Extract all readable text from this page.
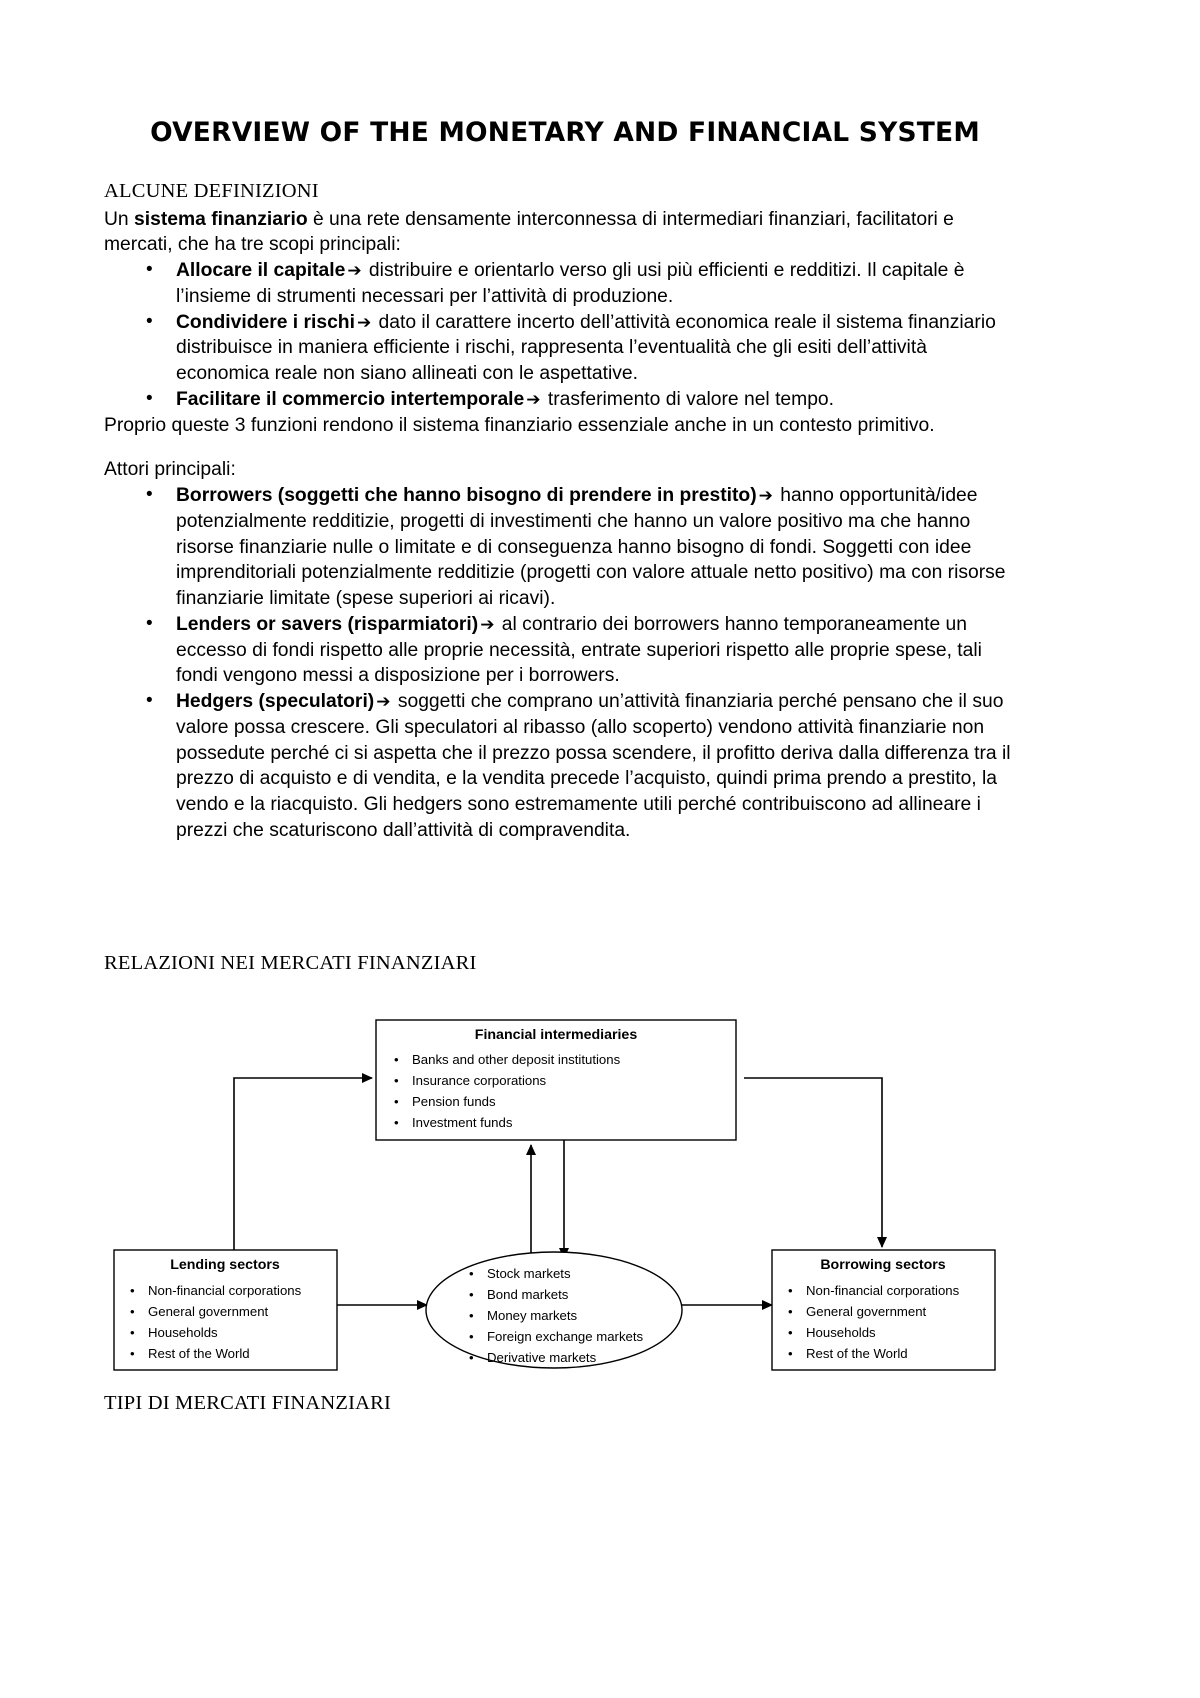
OVERVIEW OF THE MONETARY AND FINANCIAL SYSTEM
ALCUNE DEFINIZIONI

Un sistema finanziario è una rete densamente interconnessa di intermediari finanziari, facilitatori e mercati, che ha tre scopi principali:

• Allocare il capitale ➔ distribuire e orientarlo verso gli usi più efficienti e redditizi. Il capitale è l’insieme di strumenti necessari per l’attività di produzione.
• Condividere i rischi ➔ dato il carattere incerto dell’attività economica reale il sistema finanziario distribuisce in maniera efficiente i rischi, rappresenta l’eventualità che gli esiti dell’attività economica reale non siano allineati con le aspettative.
• Facilitare il commercio intertemporale ➔ trasferimento di valore nel tempo.

Proprio queste 3 funzioni rendono il sistema finanziario essenziale anche in un contesto primitivo.

Attori principali:

• Borrowers (soggetti che hanno bisogno di prendere in prestito) ➔ hanno opportunità/idee potenzialmente redditizie, progetti di investimenti che hanno un valore positivo ma che hanno risorse finanziarie nulle o limitate e di conseguenza hanno bisogno di fondi. Soggetti con idee imprenditoriali potenzialmente redditizie (progetti con valore attuale netto positivo) ma con risorse finanziarie limitate (spese superiori ai ricavi).
• Lenders or savers (risparmiatori) ➔ al contrario dei borrowers hanno temporaneamente un eccesso di fondi rispetto alle proprie necessità, entrate superiori rispetto alle proprie spese, tali fondi vengono messi a disposizione per i borrowers.
• Hedgers (speculatori) ➔ soggetti che comprano un’attività finanziaria perché pensano che il suo valore possa crescere. Gli speculatori al ribasso (allo scoperto) vendono attività finanziarie non possedute perché ci si aspetta che il prezzo possa scendere, il profitto deriva dalla differenza tra il prezzo di acquisto e di vendita, e la vendita precede l’acquisto, quindi prima prendo a prestito, la vendo e la riacquisto. Gli hedgers sono estremamente utili perché contribuiscono ad allineare i prezzi che scaturiscono dall’attività di compravendita.
RELAZIONI NEI MERCATI FINANZIARI
Financial intermediaries
• Banks and other deposit institutions
• Insurance corporations
• Pension funds
• Investment funds
Lending sectors
• Non-financial corporations
• General government
• Households
• Rest of the World
• Stock markets
• Bond markets
• Money markets
• Foreign exchange markets
• Derivative markets
Borrowing sectors
• Non-financial corporations
• General government
• Households
• Rest of the World
TIPI DI MERCATI FINANZIARI
